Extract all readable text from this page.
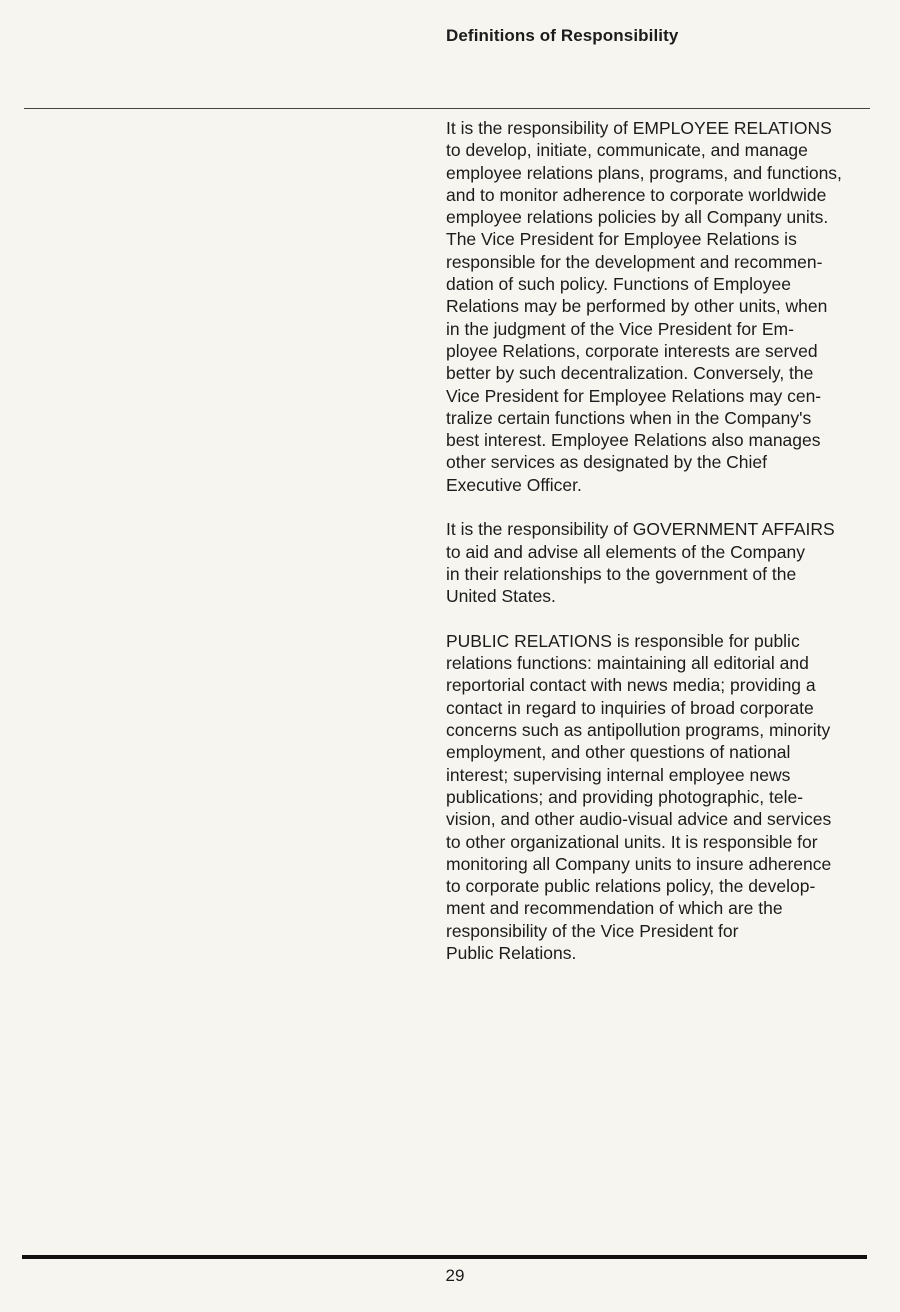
Definitions of Responsibility

It is the responsibility of EMPLOYEE RELATIONS
to develop, initiate, communicate, and manage
employee relations plans, programs, and functions,
and to monitor adherence to corporate worldwide
employee relations policies by all Company units.
The Vice President for Employee Relations is
responsible for the development and recommen-
dation of such policy. Functions of Employee
Relations may be performed by other units, when
in the judgment of the Vice President for Em-
ployee Relations, corporate interests are served
better by such decentralization. Conversely, the
Vice President for Employee Relations may cen-
tralize certain functions when in the Company's
best interest. Employee Relations also manages
other services as designated by the Chief
Executive Officer.

It is the responsibility of GOVERNMENT AFFAIRS
to aid and advise all elements of the Company
in their relationships to the government of the
United States.

PUBLIC RELATIONS is responsible for public
relations functions: maintaining all editorial and
reportorial contact with news media; providing a
contact in regard to inquiries of broad corporate
concerns such as antipollution programs, minority
employment, and other questions of national
interest; supervising internal employee news
publications; and providing photographic, tele-
vision, and other audio-visual advice and services
to other organizational units. It is responsible for
monitoring all Company units to insure adherence
to corporate public relations policy, the develop-
ment and recommendation of which are the
responsibility of the Vice President for
Public Relations.

29
